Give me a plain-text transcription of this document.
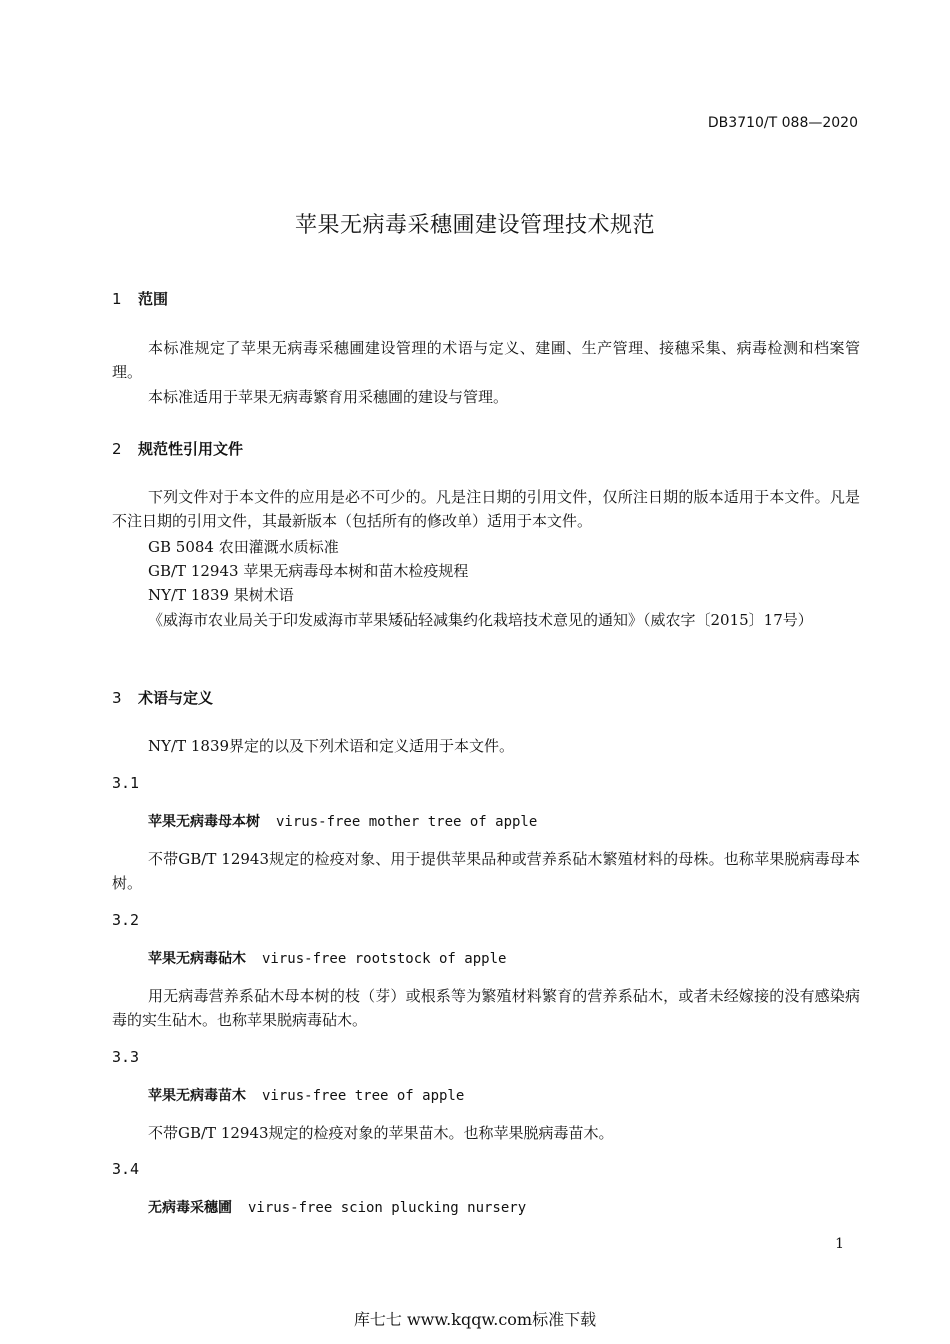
DB3710/T 088—2020
苹果无病毒采穗圃建设管理技术规范
1 范围
本标准规定了苹果无病毒采穗圃建设管理的术语与定义、建圃、生产管理、接穗采集、病毒检测和档案管理。
本标准适用于苹果无病毒繁育用采穗圃的建设与管理。
2 规范性引用文件
下列文件对于本文件的应用是必不可少的。凡是注日期的引用文件，仅所注日期的版本适用于本文件。凡是不注日期的引用文件，其最新版本（包括所有的修改单）适用于本文件。
GB 5084 农田灌溉水质标准
GB/T 12943 苹果无病毒母本树和苗木检疫规程
NY/T 1839 果树术语
《威海市农业局关于印发威海市苹果矮砧轻减集约化栽培技术意见的通知》（威农字〔2015〕17号）
3 术语与定义
NY/T 1839界定的以及下列术语和定义适用于本文件。
3.1
苹果无病毒母本树 virus-free mother tree of apple
不带GB/T 12943规定的检疫对象、用于提供苹果品种或营养系砧木繁殖材料的母株。也称苹果脱病毒母本树。
3.2
苹果无病毒砧木 virus-free rootstock of apple
用无病毒营养系砧木母本树的枝（芽）或根系等为繁殖材料繁育的营养系砧木，或者未经嫁接的没有感染病毒的实生砧木。也称苹果脱病毒砧木。
3.3
苹果无病毒苗木 virus-free tree of apple
不带GB/T 12943规定的检疫对象的苹果苗木。也称苹果脱病毒苗木。
3.4
无病毒采穗圃 virus-free scion plucking nursery
1
库七七 www.kqqw.com标准下载
